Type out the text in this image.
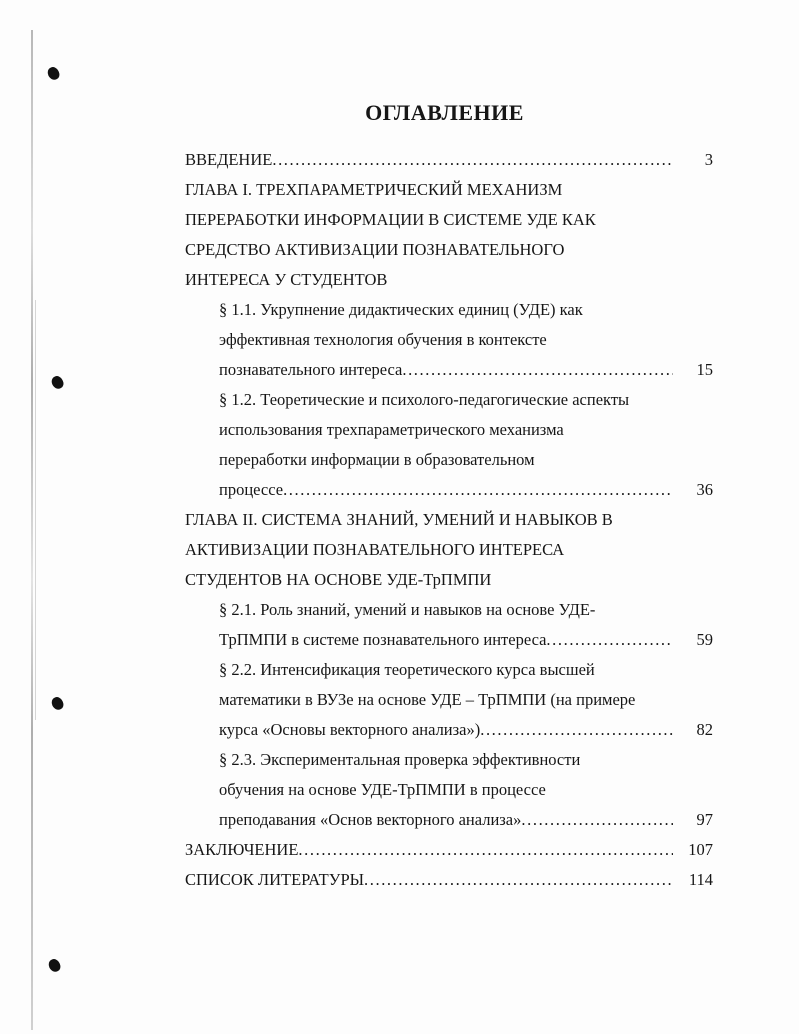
ОГЛАВЛЕНИЕ
ВВЕДЕНИЕ .....	3
ГЛАВА I. ТРЕХПАРАМЕТРИЧЕСКИЙ МЕХАНИЗМ
ПЕРЕРАБОТКИ ИНФОРМАЦИИ В СИСТЕМЕ УДЕ КАК
СРЕДСТВО АКТИВИЗАЦИИ ПОЗНАВАТЕЛЬНОГО
ИНТЕРЕСА У СТУДЕНТОВ
§ 1.1. Укрупнение дидактических единиц (УДЕ) как
эффективная технология обучения в контексте
познавательного интереса .....	15
§ 1.2. Теоретические и психолого-педагогические аспекты
использования трехпараметрического механизма
переработки информации в образовательном
процессе .....	36
ГЛАВА II. СИСТЕМА ЗНАНИЙ, УМЕНИЙ И НАВЫКОВ В
АКТИВИЗАЦИИ ПОЗНАВАТЕЛЬНОГО ИНТЕРЕСА
СТУДЕНТОВ НА ОСНОВЕ УДЕ-ТрПМПИ
§ 2.1. Роль знаний, умений и навыков на основе УДЕ-
ТрПМПИ в системе познавательного интереса .....	59
§ 2.2. Интенсификация теоретического курса высшей
математики в ВУЗе на основе УДЕ – ТрПМПИ (на примере
курса «Основы векторного анализа») .....	82
§ 2.3. Экспериментальная проверка эффективности
обучения на основе УДЕ-ТрПМПИ в процессе
преподавания «Основ векторного анализа» .....	97
ЗАКЛЮЧЕНИЕ .....	107
СПИСОК ЛИТЕРАТУРЫ .....	114
